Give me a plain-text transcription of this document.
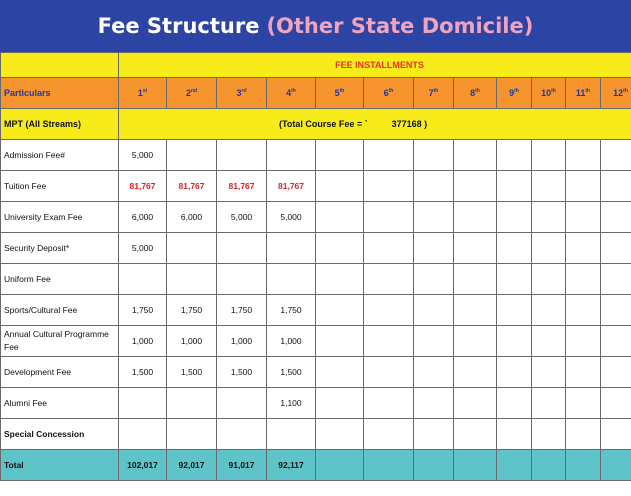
Fee Structure (Other State Domicile)
	FEE INSTALLMENTS											
Particulars	1st	2nd	3rd	4th	5th	6th	7th	8th	9th	10th	11th	12th
MPT (All Streams)	(Total Course Fee = ` 377168 )											
Admission Fee#	5,000											
Tuition Fee	81,767	81,767	81,767	81,767								
University Exam Fee	6,000	6,000	5,000	5,000								
Security Deposit*	5,000											
Uniform Fee												
Sports/Cultural Fee	1,750	1,750	1,750	1,750								
Annual Cultural Programme Fee	1,000	1,000	1,000	1,000								
Development Fee	1,500	1,500	1,500	1,500								
Alumni Fee				1,100								
Special Concession												
Total	102,017	92,017	91,017	92,117								
